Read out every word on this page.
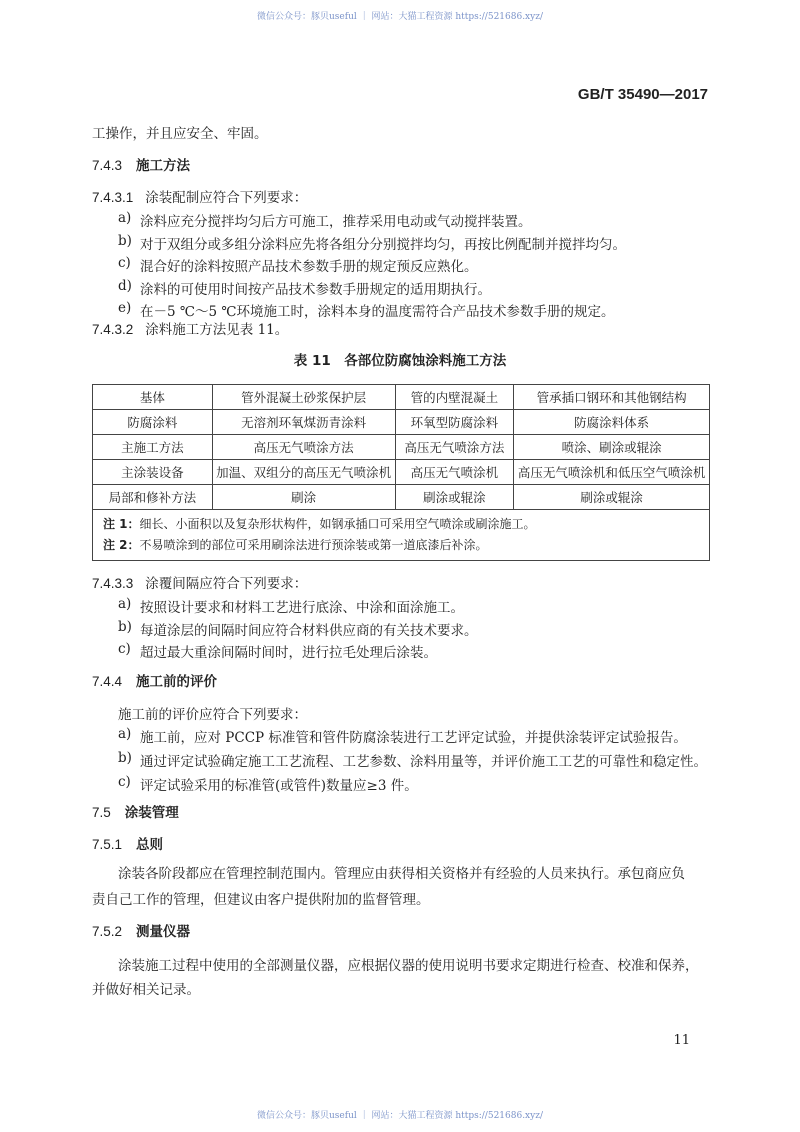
微信公众号：豚贝useful ｜ 网站：大猫工程资源 https://521686.xyz/
GB/T 35490—2017
工操作，并且应安全、牢固。
7.4.3 施工方法
7.4.3.1 涂装配制应符合下列要求：
a) 涂料应充分搅拌均匀后方可施工，推荐采用电动或气动搅拌装置。
b) 对于双组分或多组分涂料应先将各组分分别搅拌均匀，再按比例配制并搅拌均匀。
c) 混合好的涂料按照产品技术参数手册的规定预反应熟化。
d) 涂料的可使用时间按产品技术参数手册规定的适用期执行。
e) 在－5 ℃～5 ℃环境施工时，涂料本身的温度需符合产品技术参数手册的规定。
7.4.3.2 涂料施工方法见表 11。
表 11　各部位防腐蚀涂料施工方法
基体	管外混凝土砂浆保护层	管的内壁混凝土	管承插口钢环和其他钢结构
防腐涂料	无溶剂环氧煤沥青涂料	环氧型防腐涂料	防腐涂料体系
主施工方法	高压无气喷涂方法	高压无气喷涂方法	喷涂、刷涂或辊涂
主涂装设备	加温、双组分的高压无气喷涂机	高压无气喷涂机	高压无气喷涂机和低压空气喷涂机
局部和修补方法	刷涂	刷涂或辊涂	刷涂或辊涂

注 1：细长、小面积以及复杂形状构件，如钢承插口可采用空气喷涂或刷涂施工。
注 2：不易喷涂到的部位可采用刷涂法进行预涂装或第一道底漆后补涂。			
7.4.3.3 涂覆间隔应符合下列要求：
a) 按照设计要求和材料工艺进行底涂、中涂和面涂施工。
b) 每道涂层的间隔时间应符合材料供应商的有关技术要求。
c) 超过最大重涂间隔时间时，进行拉毛处理后涂装。
7.4.4 施工前的评价
施工前的评价应符合下列要求：
a) 施工前，应对 PCCP 标准管和管件防腐涂装进行工艺评定试验，并提供涂装评定试验报告。
b) 通过评定试验确定施工工艺流程、工艺参数、涂料用量等，并评价施工工艺的可靠性和稳定性。
c) 评定试验采用的标准管(或管件)数量应≥3 件。
7.5 涂装管理
7.5.1 总则
涂装各阶段都应在管理控制范围内。管理应由获得相关资格并有经验的人员来执行。承包商应负
责自己工作的管理，但建议由客户提供附加的监督管理。
7.5.2 测量仪器
涂装施工过程中使用的全部测量仪器，应根据仪器的使用说明书要求定期进行检查、校准和保养，
并做好相关记录。
11
微信公众号：豚贝useful ｜ 网站：大猫工程资源 https://521686.xyz/
